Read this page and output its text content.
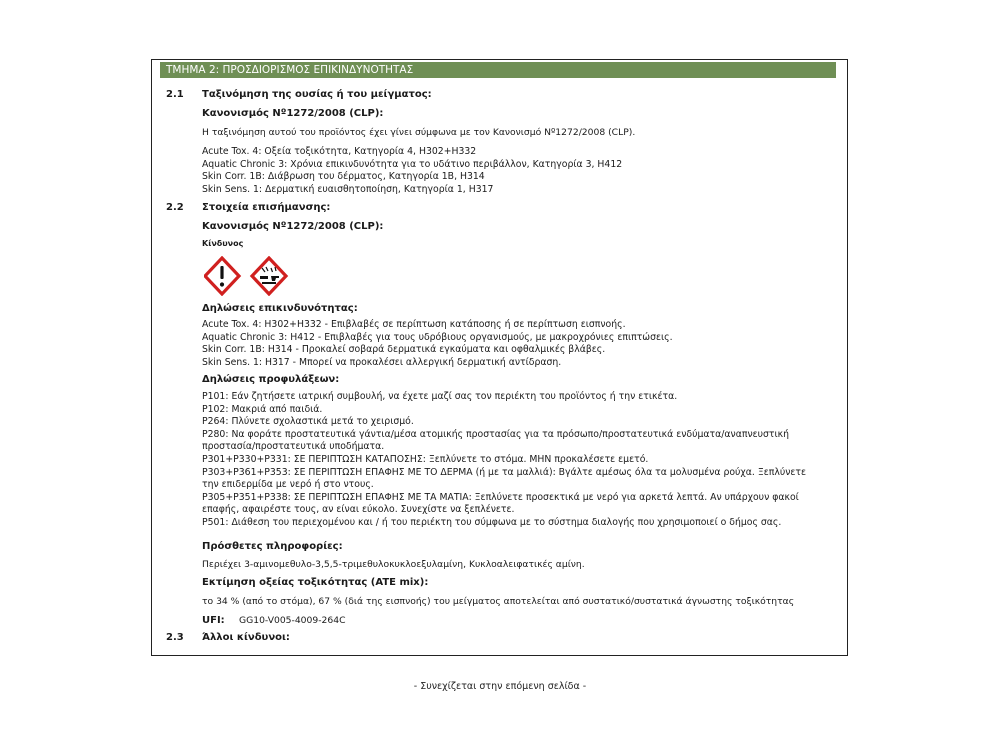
ΤΜΗΜΑ 2: ΠΡΟΣΔΙΟΡΙΣΜΟΣ ΕΠΙΚΙΝΔΥΝΟΤΗΤΑΣ
2.1 Ταξινόμηση της ουσίας ή του μείγματος:
Κανονισμός Nº1272/2008 (CLP):
Η ταξινόμηση αυτού του προϊόντος έχει γίνει σύμφωνα με τον Κανονισμό Nº1272/2008 (CLP).
Acute Tox. 4: Οξεία τοξικότητα, Κατηγορία 4, H302+H332
Aquatic Chronic 3: Χρόνια επικινδυνότητα για το υδάτινο περιβάλλον, Κατηγορία 3, H412
Skin Corr. 1B: Διάβρωση του δέρματος, Κατηγορία 1B, H314
Skin Sens. 1: Δερματική ευαισθητοποίηση, Κατηγορία 1, H317
2.2 Στοιχεία επισήμανσης:
Κανονισμός Nº1272/2008 (CLP):
Κίνδυνος
Δηλώσεις επικινδυνότητας:
Acute Tox. 4: H302+H332 - Επιβλαβές σε περίπτωση κατάποσης ή σε περίπτωση εισπνοής.
Aquatic Chronic 3: H412 - Επιβλαβές για τους υδρόβιους οργανισμούς, με μακροχρόνιες επιπτώσεις.
Skin Corr. 1B: H314 - Προκαλεί σοβαρά δερματικά εγκαύματα και οφθαλμικές βλάβες.
Skin Sens. 1: H317 - Μπορεί να προκαλέσει αλλεργική δερματική αντίδραση.
Δηλώσεις προφυλάξεων:
P101: Εάν ζητήσετε ιατρική συμβουλή, να έχετε μαζί σας τον περιέκτη του προϊόντος ή την ετικέτα.
P102: Μακριά από παιδιά.
P264: Πλύνετε σχολαστικά μετά το χειρισμό.
P280: Να φοράτε προστατευτικά γάντια/μέσα ατομικής προστασίας για τα πρόσωπο/προστατευτικά ενδύματα/αναπνευστική
προστασία/προστατευτικά υποδήματα.
P301+P330+P331: ΣΕ ΠΕΡΙΠΤΩΣΗ ΚΑΤΑΠΟΣΗΣ: Ξεπλύνετε το στόμα. ΜΗΝ προκαλέσετε εμετό.
P303+P361+P353: ΣΕ ΠΕΡΙΠΤΩΣΗ ΕΠΑΦΗΣ ΜΕ ΤΟ ΔΕΡΜΑ (ή με τα μαλλιά): Βγάλτε αμέσως όλα τα μολυσμένα ρούχα. Ξεπλύνετε
την επιδερμίδα με νερό ή στο ντους.
P305+P351+P338: ΣΕ ΠΕΡΙΠΤΩΣΗ ΕΠΑΦΗΣ ΜΕ ΤΑ ΜΑΤΙΑ: Ξεπλύνετε προσεκτικά με νερό για αρκετά λεπτά. Αν υπάρχουν φακοί
επαφής, αφαιρέστε τους, αν είναι εύκολο. Συνεχίστε να ξεπλένετε.
P501: Διάθεση του περιεχομένου και / ή του περιέκτη του σύμφωνα με το σύστημα διαλογής που χρησιμοποιεί ο δήμος σας.
Πρόσθετες πληροφορίες:
Περιέχει 3-αμινομεθυλο-3,5,5-τριμεθυλοκυκλοεξυλαμίνη, Κυκλοαλειφατικές αμίνη.
Εκτίμηση οξείας τοξικότητας (ATE mix):
το 34 % (από το στόμα), 67 % (διά της εισπνοής) του μείγματος αποτελείται από συστατικό/συστατικά άγνωστης τοξικότητας
UFI: GG10-V005-4009-264C
2.3 Άλλοι κίνδυνοι:
- Συνεχίζεται στην επόμενη σελίδα -
